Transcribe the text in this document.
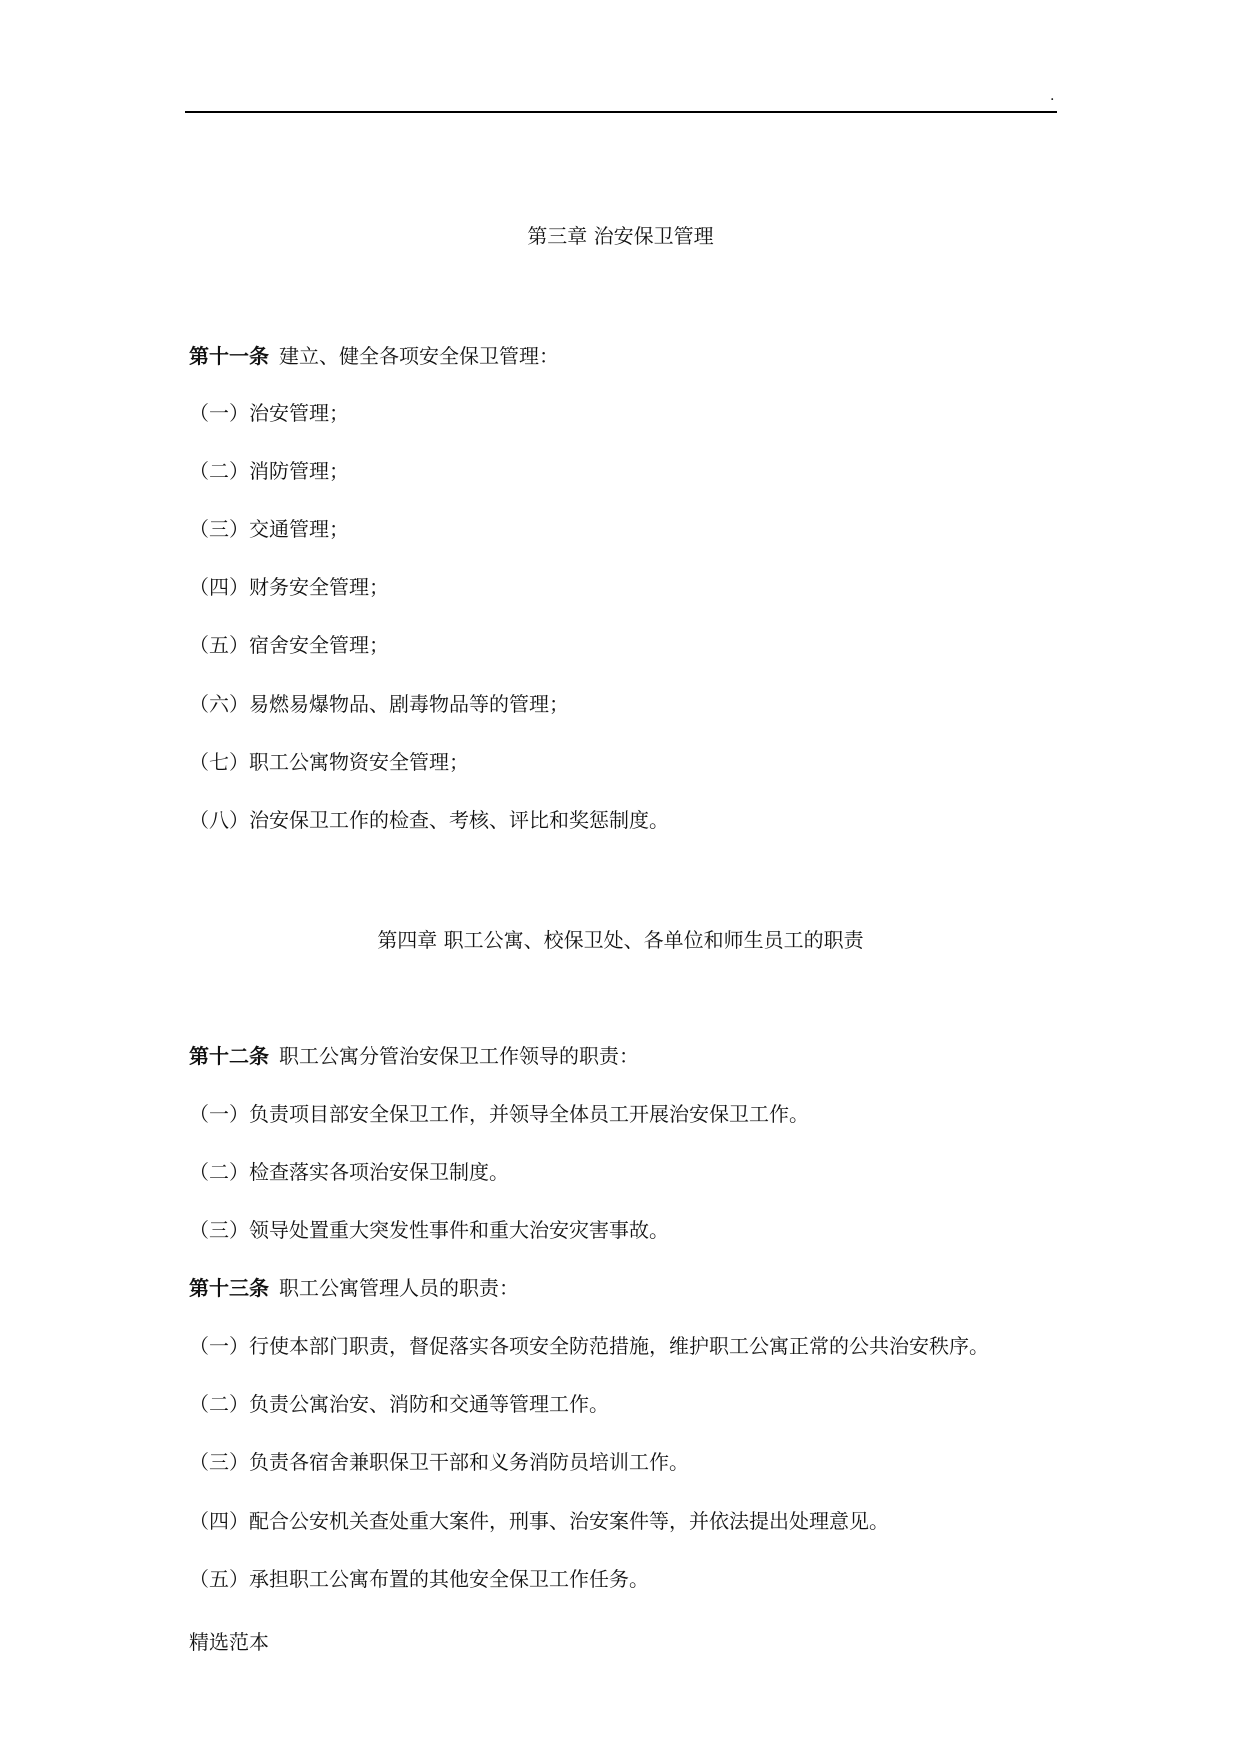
.
第三章 治安保卫管理
第十一条 建立、健全各项安全保卫管理：
（一）治安管理；
（二）消防管理；
（三）交通管理；
（四）财务安全管理；
（五）宿舍安全管理；
（六）易燃易爆物品、剧毒物品等的管理；
（七）职工公寓物资安全管理；
（八）治安保卫工作的检查、考核、评比和奖惩制度。
第四章 职工公寓、校保卫处、各单位和师生员工的职责
第十二条 职工公寓分管治安保卫工作领导的职责：
（一）负责项目部安全保卫工作，并领导全体员工开展治安保卫工作。
（二）检查落实各项治安保卫制度。
（三）领导处置重大突发性事件和重大治安灾害事故。
第十三条 职工公寓管理人员的职责：
（一）行使本部门职责，督促落实各项安全防范措施，维护职工公寓正常的公共治安秩序。
（二）负责公寓治安、消防和交通等管理工作。
（三）负责各宿舍兼职保卫干部和义务消防员培训工作。
（四）配合公安机关查处重大案件，刑事、治安案件等，并依法提出处理意见。
（五）承担职工公寓布置的其他安全保卫工作任务。
精选范本
